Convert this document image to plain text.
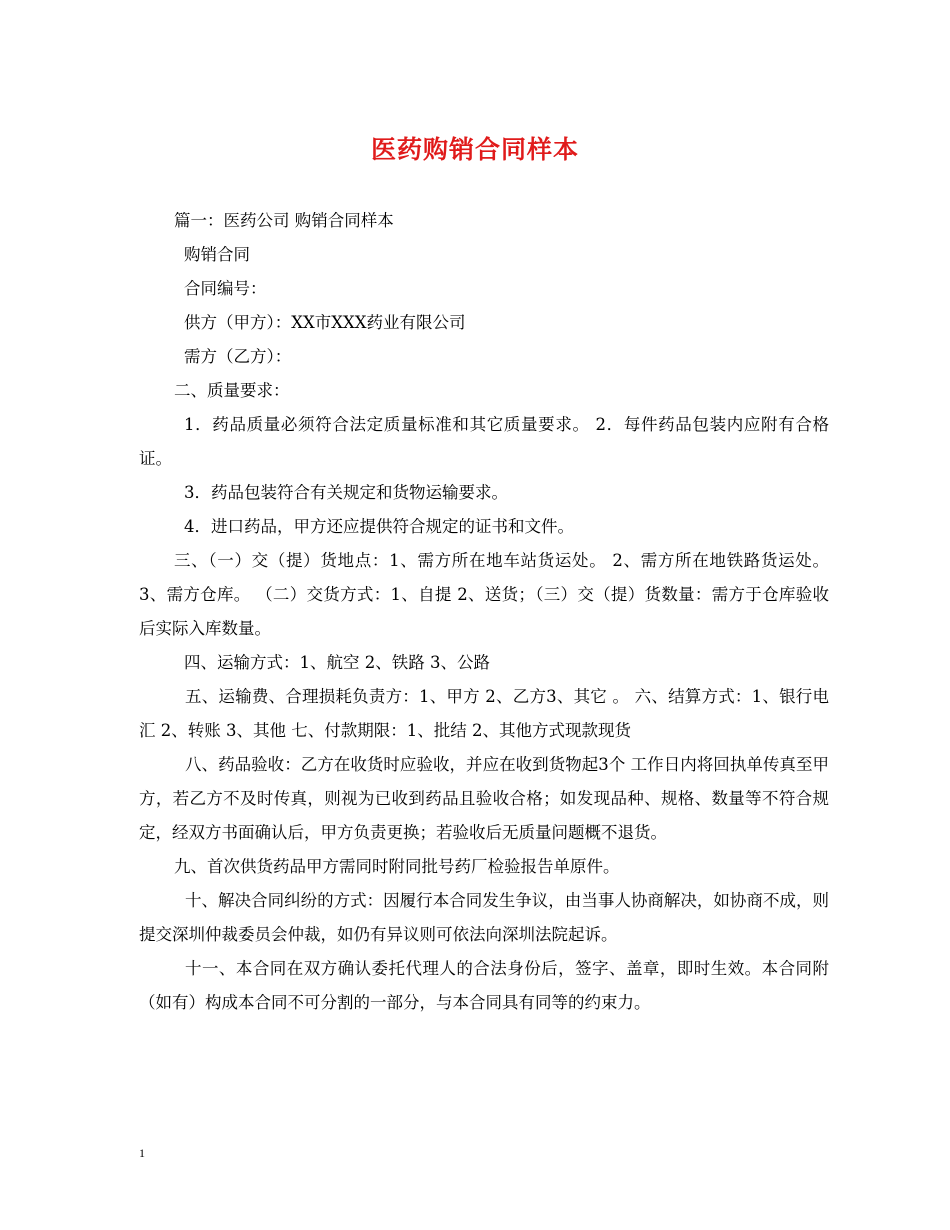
医药购销合同样本

篇一：医药公司 购销合同样本

购销合同

合同编号：

供方（甲方）：XX市XXX药业有限公司

需方（乙方）：

二、质量要求：

1．药品质量必须符合法定质量标准和其它质量要求。 2．每件药品包装内应附有合格证。

3．药品包装符合有关规定和货物运输要求。

4．进口药品，甲方还应提供符合规定的证书和文件。

三、（一）交（提）货地点：1、需方所在地车站货运处。 2、需方所在地铁路货运处。3、需方仓库。 （二）交货方式：1、自提 2、送货；（三）交（提）货数量：需方于仓库验收后实际入库数量。

四、运输方式：1、航空 2、铁路 3、公路

五、运输费、合理损耗负责方：1、甲方 2、乙方3、其它 。 六、结算方式：1、银行电汇 2、转账 3、其他 七、付款期限：1、批结 2、其他方式现款现货

八、药品验收：乙方在收货时应验收，并应在收到货物起3个 工作日内将回执单传真至甲方，若乙方不及时传真，则视为已收到药品且验收合格；如发现品种、规格、数量等不符合规定，经双方书面确认后，甲方负责更换；若验收后无质量问题概不退货。

九、首次供货药品甲方需同时附同批号药厂检验报告单原件。

十、解决合同纠纷的方式：因履行本合同发生争议，由当事人协商解决，如协商不成，则提交深圳仲裁委员会仲裁，如仍有异议则可依法向深圳法院起诉。

十一、本合同在双方确认委托代理人的合法身份后，签字、盖章，即时生效。本合同附（如有）构成本合同不可分割的一部分，与本合同具有同等的约束力。

1
